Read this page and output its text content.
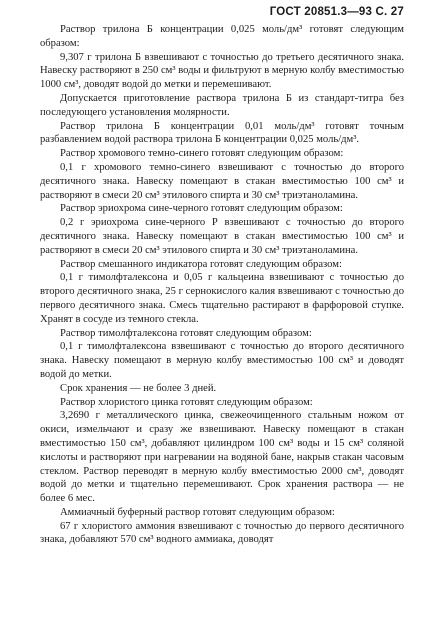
ГОСТ 20851.3—93 С. 27

Раствор трилона Б концентрации 0,025 моль/дм³ готовят следующим образом:

9,307 г трилона Б взвешивают с точностью до третьего десятичного знака. Навеску растворяют в 250 см³ воды и фильтруют в мерную колбу вместимостью 1000 см³, доводят водой до метки и перемешивают.

Допускается приготовление раствора трилона Б из стандарт-титра без последующего установления молярности.

Раствор трилона Б концентрации 0,01 моль/дм³ готовят точным разбавлением водой раствора трилона Б концентрации 0,025 моль/дм³.

Раствор хромового темно-синего готовят следующим образом:

0,1 г хромового темно-синего взвешивают с точностью до второго десятичного знака. Навеску помещают в стакан вместимостью 100 см³ и растворяют в смеси 20 см³ этилового спирта и 30 см³ триэтаноламина.

Раствор эриохрома сине-черного готовят следующим образом:

0,2 г эриохрома сине-черного Р взвешивают с точностью до второго десятичного знака. Навеску помещают в стакан вместимостью 100 см³ и растворяют в смеси 20 см³ этилового спирта и 30 см³ триэтаноламина.

Раствор смешанного индикатора готовят следующим образом:

0,1 г тимолфталексона и 0,05 г кальцеина взвешивают с точностью до второго десятичного знака, 25 г сернокислого калия взвешивают с точностью до первого десятичного знака. Смесь тщательно растирают в фарфоровой ступке. Хранят в сосуде из темного стекла.

Раствор тимолфталексона готовят следующим образом:

0,1 г тимолфталексона взвешивают с точностью до второго десятичного знака. Навеску помещают в мерную колбу вместимостью 100 см³ и доводят водой до метки.

Срок хранения — не более 3 дней.

Раствор хлористого цинка готовят следующим образом:

3,2690 г металлического цинка, свежеочищенного стальным ножом от окиси, измельчают и сразу же взвешивают. Навеску помещают в стакан вместимостью 150 см³, добавляют цилиндром 100 см³ воды и 15 см³ соляной кислоты и растворяют при нагревании на водяной бане, накрыв стакан часовым стеклом. Раствор переводят в мерную колбу вместимостью 2000 см³, доводят водой до метки и тщательно перемешивают. Срок хранения раствора — не более 6 мес.

Аммиачный буферный раствор готовят следующим образом:

67 г хлористого аммония взвешивают с точностью до первого десятичного знака, добавляют 570 см³ водного аммиака, доводят
